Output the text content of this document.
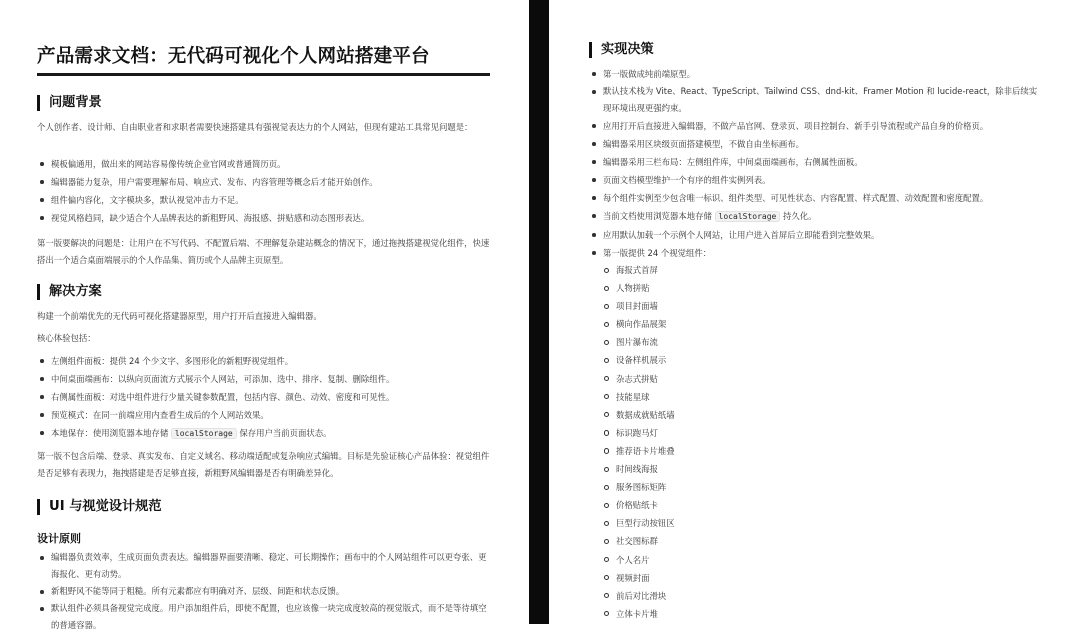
产品需求文档：无代码可视化个人网站搭建平台
问题背景
个人创作者、设计师、自由职业者和求职者需要快速搭建具有强视觉表达力的个人网站，但现有建站工具常见问题是：
模板偏通用，做出来的网站容易像传统企业官网或普通简历页。
编辑器能力复杂，用户需要理解布局、响应式、发布、内容管理等概念后才能开始创作。
组件偏内容化，文字模块多，默认视觉冲击力不足。
视觉风格趋同，缺少适合个人品牌表达的新粗野风、海报感、拼贴感和动态图形表达。
第一版要解决的问题是：让用户在不写代码、不配置后端、不理解复杂建站概念的情况下，通过拖拽搭建视觉化组件，快速搭出一个适合桌面端展示的个人作品集、简历或个人品牌主页原型。
解决方案
构建一个前端优先的无代码可视化搭建器原型，用户打开后直接进入编辑器。
核心体验包括：
左侧组件面板：提供 24 个少文字、多图形化的新粗野视觉组件。
中间桌面端画布：以纵向页面流方式展示个人网站，可添加、选中、排序、复制、删除组件。
右侧属性面板：对选中组件进行少量关键参数配置，包括内容、颜色、动效、密度和可见性。
预览模式：在同一前端应用内查看生成后的个人网站效果。
本地保存：使用浏览器本地存储 localStorage 保存用户当前页面状态。
第一版不包含后端、登录、真实发布、自定义域名、移动端适配或复杂响应式编辑。目标是先验证核心产品体验：视觉组件是否足够有表现力，拖拽搭建是否足够直接，新粗野风编辑器是否有明确差异化。
UI 与视觉设计规范
设计原则
编辑器负责效率，生成页面负责表达。编辑器界面要清晰、稳定、可长期操作；画布中的个人网站组件可以更夸张、更海报化、更有动势。
新粗野风不能等同于粗糙。所有元素都应有明确对齐、层级、间距和状态反馈。
默认组件必须具备视觉完成度。用户添加组件后，即使不配置，也应该像一块完成度较高的视觉版式，而不是等待填空的普通容器。
实现决策
第一版做成纯前端原型。
默认技术栈为 Vite、React、TypeScript、Tailwind CSS、dnd-kit、Framer Motion 和 lucide-react，除非后续实现环境出现更强约束。
应用打开后直接进入编辑器，不做产品官网、登录页、项目控制台、新手引导流程或产品自身的价格页。
编辑器采用区块级页面搭建模型，不做自由坐标画布。
编辑器采用三栏布局：左侧组件库，中间桌面端画布，右侧属性面板。
页面文档模型维护一个有序的组件实例列表。
每个组件实例至少包含唯一标识、组件类型、可见性状态、内容配置、样式配置、动效配置和密度配置。
当前文档使用浏览器本地存储 localStorage 持久化。
应用默认加载一个示例个人网站，让用户进入首屏后立即能看到完整效果。
第一版提供 24 个视觉组件：
海报式首屏
人物拼贴
项目封面墙
横向作品展架
图片瀑布流
设备样机展示
杂志式拼贴
技能星球
数据成就贴纸墙
标识跑马灯
推荐语卡片堆叠
时间线海报
服务图标矩阵
价格贴纸卡
巨型行动按钮区
社交图标群
个人名片
视频封面
前后对比滑块
立体卡片堆
